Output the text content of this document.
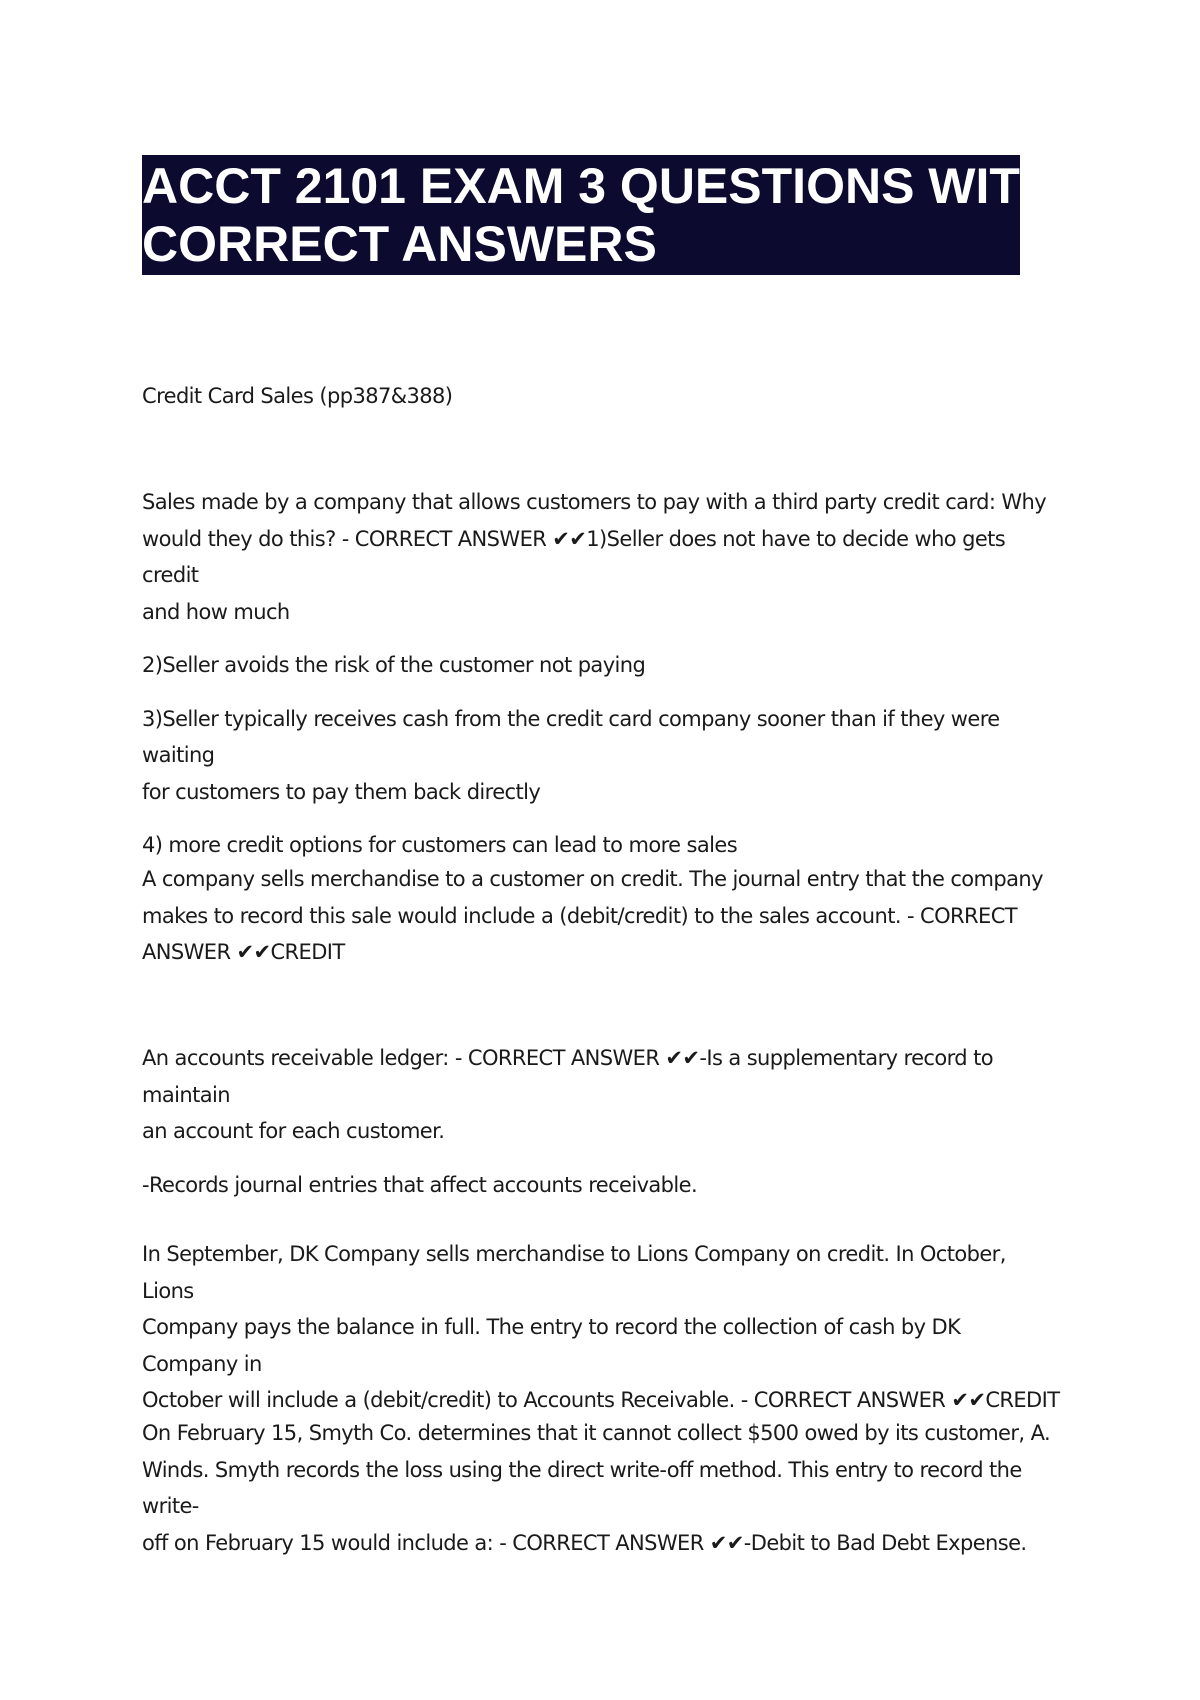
ACCT 2101 EXAM 3 QUESTIONS WITH
CORRECT ANSWERS

Credit Card Sales (pp387&388)

Sales made by a company that allows customers to pay with a third party credit card: Why

would they do this? - CORRECT ANSWER ✔✔1)Seller does not have to decide who gets credit

and how much

2)Seller avoids the risk of the customer not paying

3)Seller typically receives cash from the credit card company sooner than if they were waiting

for customers to pay them back directly

4) more credit options for customers can lead to more sales

A company sells merchandise to a customer on credit. The journal entry that the company

makes to record this sale would include a (debit/credit) to the sales account. - CORRECT

ANSWER ✔✔CREDIT

An accounts receivable ledger: - CORRECT ANSWER ✔✔-Is a supplementary record to maintain

an account for each customer.

-Records journal entries that affect accounts receivable.

In September, DK Company sells merchandise to Lions Company on credit. In October, Lions

Company pays the balance in full. The entry to record the collection of cash by DK Company in

October will include a (debit/credit) to Accounts Receivable. - CORRECT ANSWER ✔✔CREDIT

On February 15, Smyth Co. determines that it cannot collect $500 owed by its customer, A.

Winds. Smyth records the loss using the direct write-off method. This entry to record the write-

off on February 15 would include a: - CORRECT ANSWER ✔✔-Debit to Bad Debt Expense.
